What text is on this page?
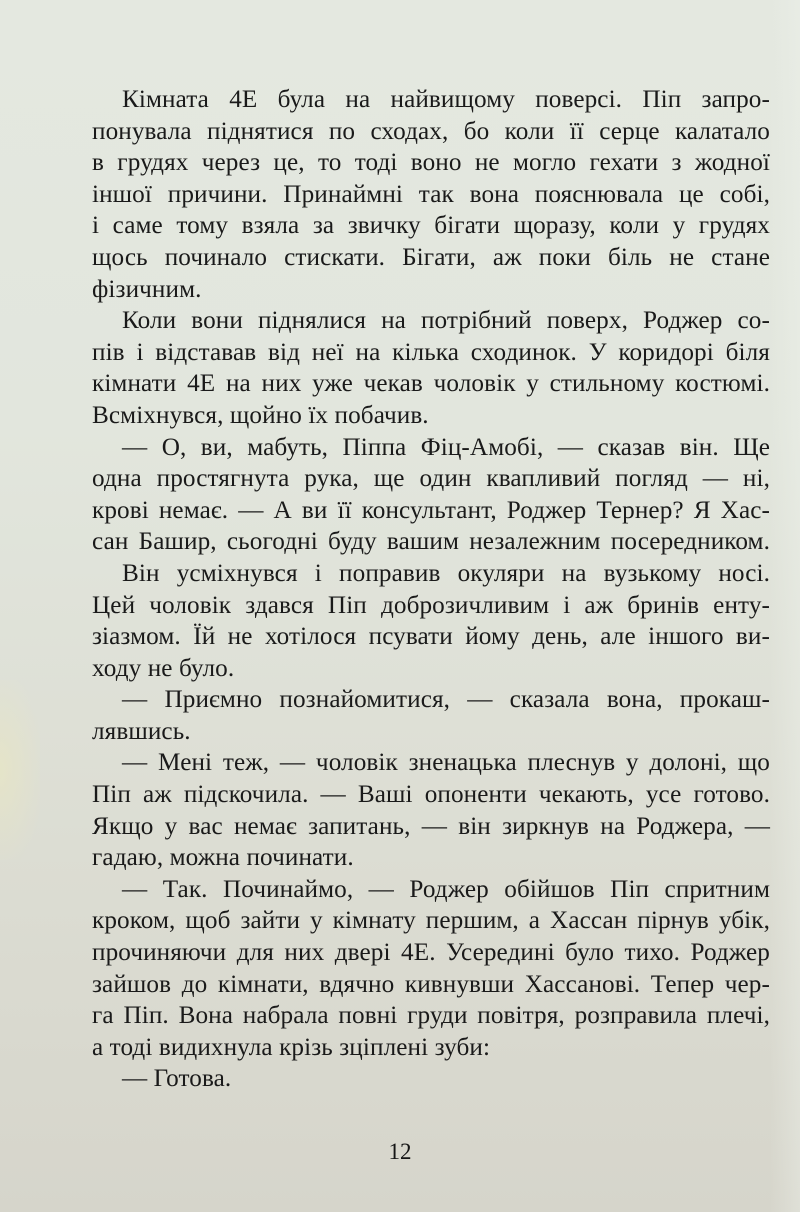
Кімната 4Е була на найвищому поверсі. Піп запро-
понувала піднятися по сходах, бо коли її серце калатало
в грудях через це, то тоді воно не могло гехати з жодної
іншої причини. Принаймні так вона пояснювала це собі,
і саме тому взяла за звичку бігати щоразу, коли у грудях
щось починало стискати. Бігати, аж поки біль не стане
фізичним.
Коли вони піднялися на потрібний поверх, Роджер со-
пів і відставав від неї на кілька сходинок. У коридорі біля
кімнати 4Е на них уже чекав чоловік у стильному костюмі.
Всміхнувся, щойно їх побачив.
— О, ви, мабуть, Піппа Фіц-Амобі, — сказав він. Ще
одна простягнута рука, ще один квапливий погляд — ні,
крові немає. — А ви її консультант, Роджер Тернер? Я Хас-
сан Башир, сьогодні буду вашим незалежним посередником.
Він усміхнувся і поправив окуляри на вузькому носі.
Цей чоловік здався Піп доброзичливим і аж бринів енту-
зіазмом. Їй не хотілося псувати йому день, але іншого ви-
ходу не було.
— Приємно познайомитися, — сказала вона, прокаш-
лявшись.
— Мені теж, — чоловік зненацька плеснув у долоні, що
Піп аж підскочила. — Ваші опоненти чекають, усе готово.
Якщо у вас немає запитань, — він зиркнув на Роджера, —
гадаю, можна починати.
— Так. Починаймо, — Роджер обійшов Піп спритним
кроком, щоб зайти у кімнату першим, а Хассан пірнув убік,
прочиняючи для них двері 4Е. Усередині було тихо. Роджер
зайшов до кімнати, вдячно кивнувши Хассанові. Тепер чер-
га Піп. Вона набрала повні груди повітря, розправила плечі,
а тоді видихнула крізь зціплені зуби:
— Готова.
12
